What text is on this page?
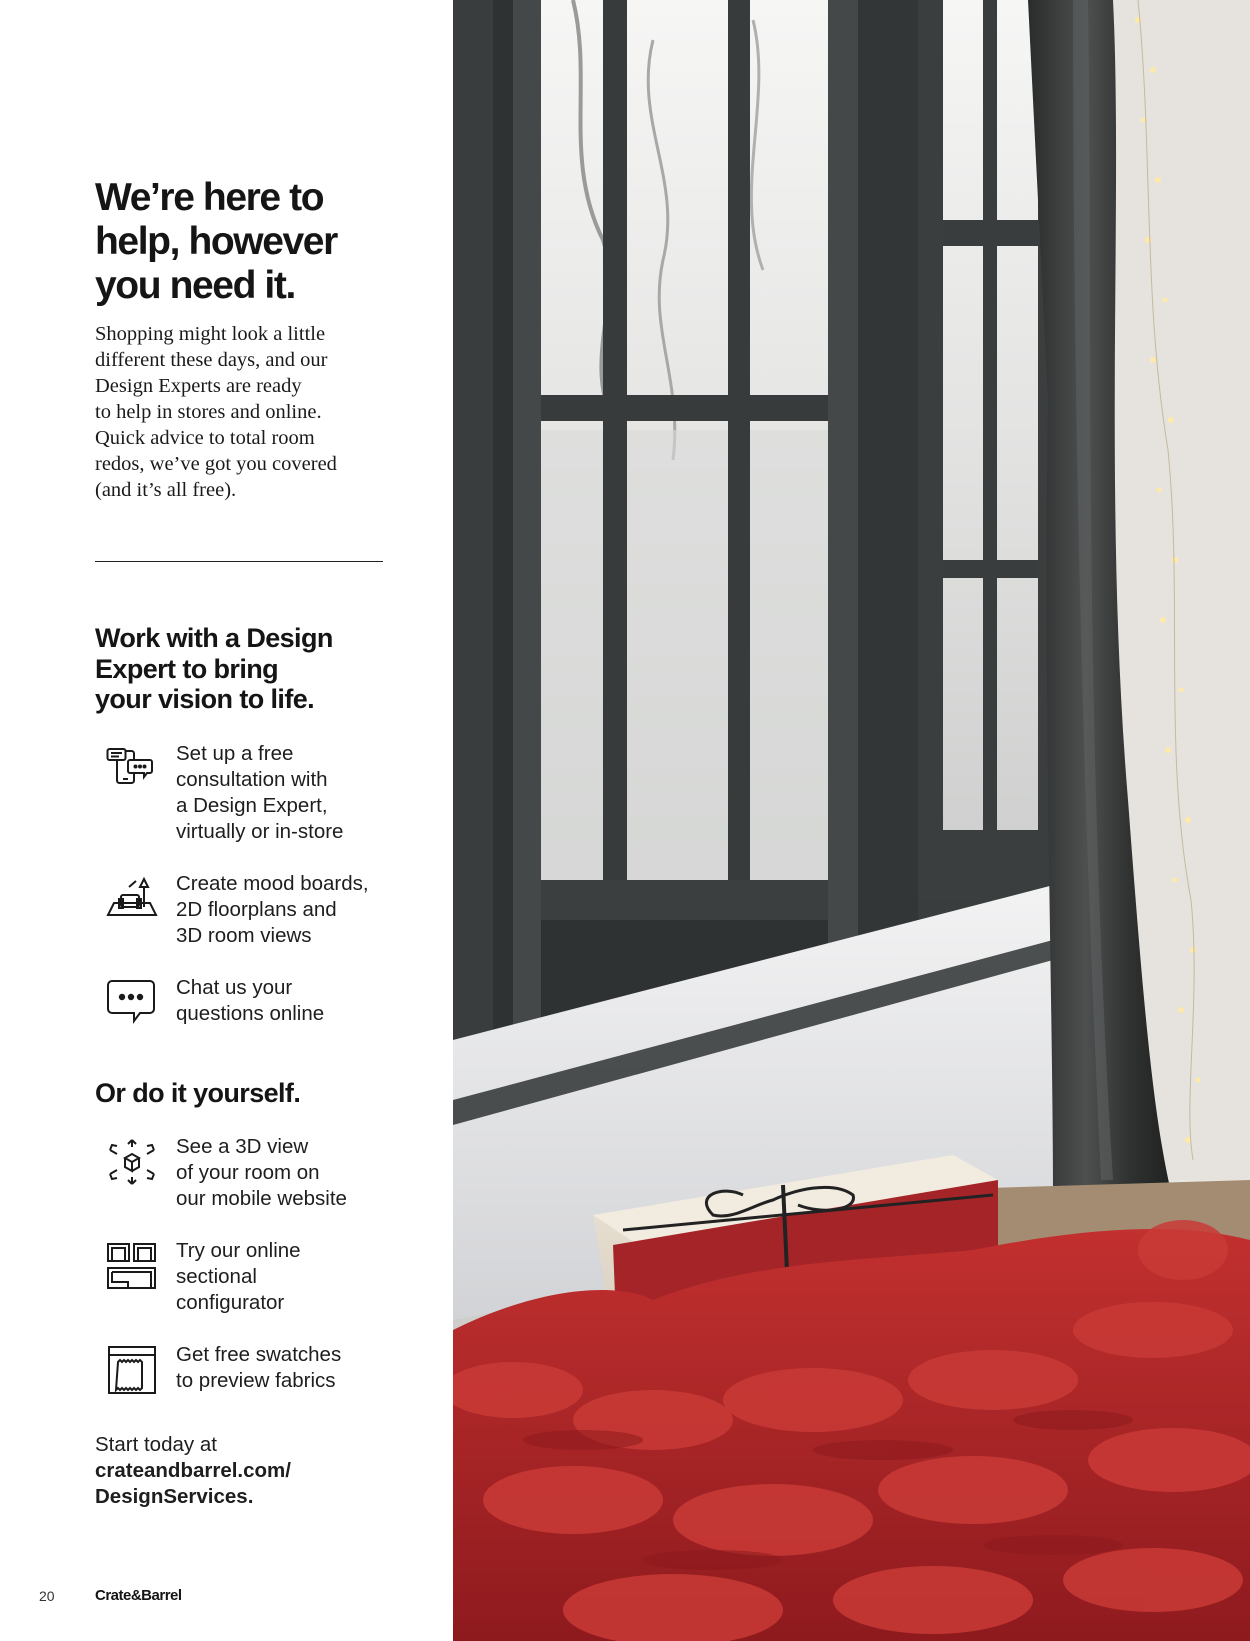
We’re here to
help, however
you need it.
Shopping might look a little
different these days, and our
Design Experts are ready
to help in stores and online.
Quick advice to total room
redos, we’ve got you covered
(and it’s all free).
Work with a Design
Expert to bring
your vision to life.
Set up a free
consultation with
a Design Expert,
virtually or in-store
Create mood boards,
2D floorplans and
3D room views
Chat us your
questions online
Or do it yourself.
See a 3D view
of your room on
our mobile website
Try our online
sectional
configurator
Get free swatches
to preview fabrics
Start today at
crateandbarrel.com/
DesignServices.
20	Crate&Barrel
